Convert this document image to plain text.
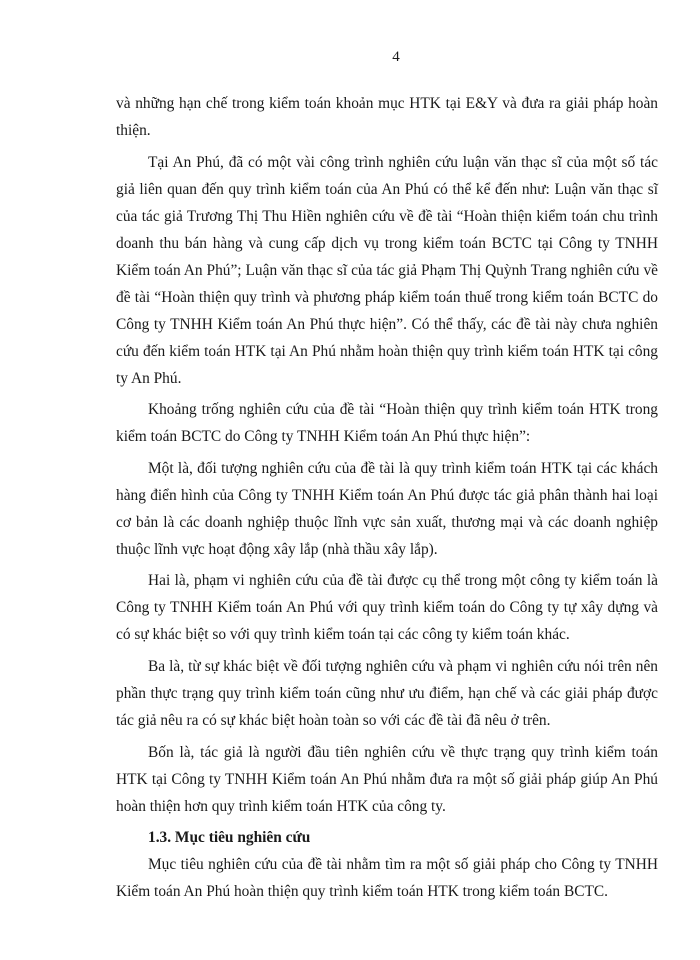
4

và những hạn chế trong kiểm toán khoản mục HTK tại E&Y và đưa ra giải pháp hoàn thiện.

Tại An Phú, đã có một vài công trình nghiên cứu luận văn thạc sĩ của một số tác giả liên quan đến quy trình kiểm toán của An Phú có thể kể đến như: Luận văn thạc sĩ của tác giả Trương Thị Thu Hiền nghiên cứu về đề tài “Hoàn thiện kiểm toán chu trình doanh thu bán hàng và cung cấp dịch vụ trong kiểm toán BCTC tại Công ty TNHH Kiểm toán An Phú”; Luận văn thạc sĩ của tác giả Phạm Thị Quỳnh Trang nghiên cứu về đề tài “Hoàn thiện quy trình và phương pháp kiểm toán thuế trong kiểm toán BCTC do Công ty TNHH Kiểm toán An Phú thực hiện”. Có thể thấy, các đề tài này chưa nghiên cứu đến kiểm toán HTK tại An Phú nhằm hoàn thiện quy trình kiểm toán HTK tại công ty An Phú.

Khoảng trống nghiên cứu của đề tài “Hoàn thiện quy trình kiểm toán HTK trong kiểm toán BCTC do Công ty TNHH Kiểm toán An Phú thực hiện”:

Một là, đối tượng nghiên cứu của đề tài là quy trình kiểm toán HTK tại các khách hàng điển hình của Công ty TNHH Kiểm toán An Phú được tác giả phân thành hai loại cơ bản là các doanh nghiệp thuộc lĩnh vực sản xuất, thương mại và các doanh nghiệp thuộc lĩnh vực hoạt động xây lắp (nhà thầu xây lắp).

Hai là, phạm vi nghiên cứu của đề tài được cụ thể trong một công ty kiểm toán là Công ty TNHH Kiểm toán An Phú với quy trình kiểm toán do Công ty tự xây dựng và có sự khác biệt so với quy trình kiểm toán tại các công ty kiểm toán khác.

Ba là, từ sự khác biệt về đối tượng nghiên cứu và phạm vi nghiên cứu nói trên nên phần thực trạng quy trình kiểm toán cũng như ưu điểm, hạn chế và các giải pháp được tác giả nêu ra có sự khác biệt hoàn toàn so với các đề tài đã nêu ở trên.

Bốn là, tác giả là người đầu tiên nghiên cứu về thực trạng quy trình kiểm toán HTK tại Công ty TNHH Kiểm toán An Phú nhằm đưa ra một số giải pháp giúp An Phú hoàn thiện hơn quy trình kiểm toán HTK của công ty.

1.3. Mục tiêu nghiên cứu

Mục tiêu nghiên cứu của đề tài nhằm tìm ra một số giải pháp cho Công ty TNHH Kiểm toán An Phú hoàn thiện quy trình kiểm toán HTK trong kiểm toán BCTC.
